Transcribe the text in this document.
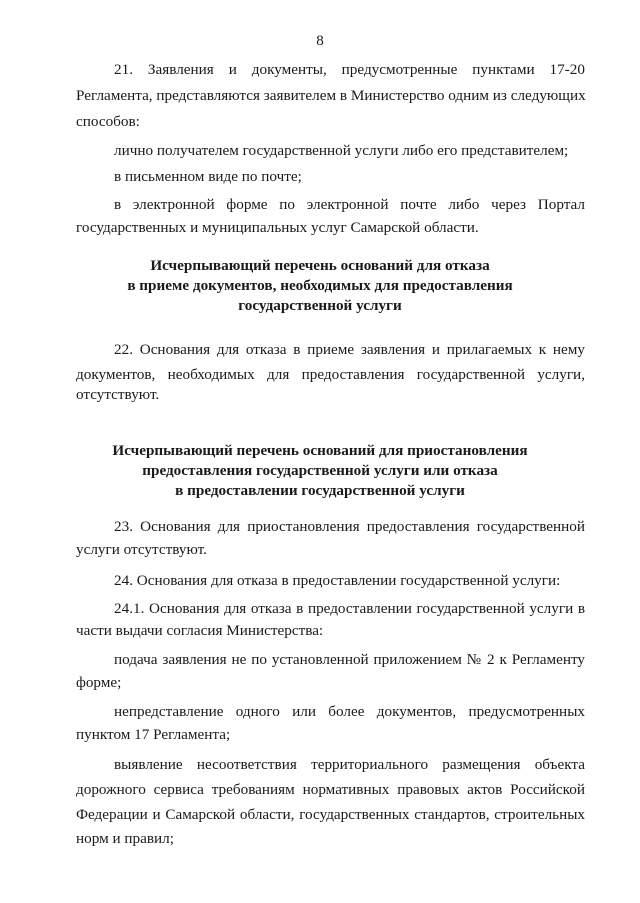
8
21. Заявления и документы, предусмотренные пунктами 17-20
Регламента, представляются заявителем в Министерство одним из следующих
способов:
лично получателем государственной услуги либо его представителем;
в письменном виде по почте;
в электронной форме по электронной почте либо через Портал
государственных и муниципальных услуг Самарской области.
Исчерпывающий перечень оснований для отказа
в приеме документов, необходимых для предоставления
государственной услуги
22. Основания для отказа в приеме заявления и прилагаемых к нему
документов, необходимых для предоставления государственной услуги,
отсутствуют.
Исчерпывающий перечень оснований для приостановления
предоставления государственной услуги или отказа
в предоставлении государственной услуги
23. Основания для приостановления предоставления государственной
услуги отсутствуют.
24. Основания для отказа в предоставлении государственной услуги:
24.1. Основания для отказа в предоставлении государственной услуги в
части выдачи согласия Министерства:
подача заявления не по установленной приложением № 2 к Регламенту
форме;
непредставление одного или более документов, предусмотренных
пунктом 17 Регламента;
выявление несоответствия территориального размещения объекта
дорожного сервиса требованиям нормативных правовых актов Российской
Федерации и Самарской области, государственных стандартов, строительных
норм и правил;
